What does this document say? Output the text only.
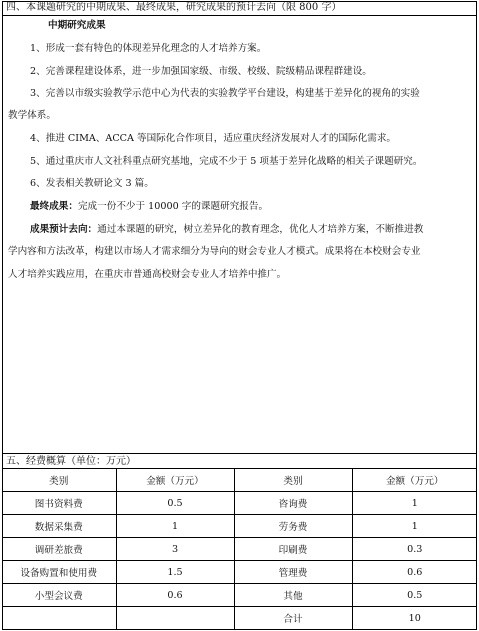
四、本课题研究的中期成果、最终成果，研究成果的预计去向（限 800 字）
中期研究成果
1、形成一套有特色的体现差异化理念的人才培养方案。
2、完善课程建设体系，进一步加强国家级、市级、校级、院级精品课程群建设。
3、完善以市级实验教学示范中心为代表的实验教学平台建设，构建基于差异化的视角的实验
教学体系。
4、推进 CIMA、ACCA 等国际化合作项目，适应重庆经济发展对人才的国际化需求。
5、通过重庆市人文社科重点研究基地，完成不少于 5 项基于差异化战略的相关子课题研究。
6、发表相关教研论文 3 篇。
最终成果：完成一份不少于 10000 字的课题研究报告。
成果预计去向：通过本课题的研究，树立差异化的教育理念，优化人才培养方案，不断推进教
学内容和方法改革，构建以市场人才需求细分为导向的财会专业人才模式。成果将在本校财会专业
人才培养实践应用，在重庆市普通高校财会专业人才培养中推广。
五、经费概算（单位：万元）
类别	金额（万元）	类别	金额（万元）
图书资料费	0.5	咨询费	1
数据采集费	1	劳务费	1
调研差旅费	3	印刷费	0.3
设备购置和使用费	1.5	管理费	0.6
小型会议费	0.6	其他	0.5
		合计	10
